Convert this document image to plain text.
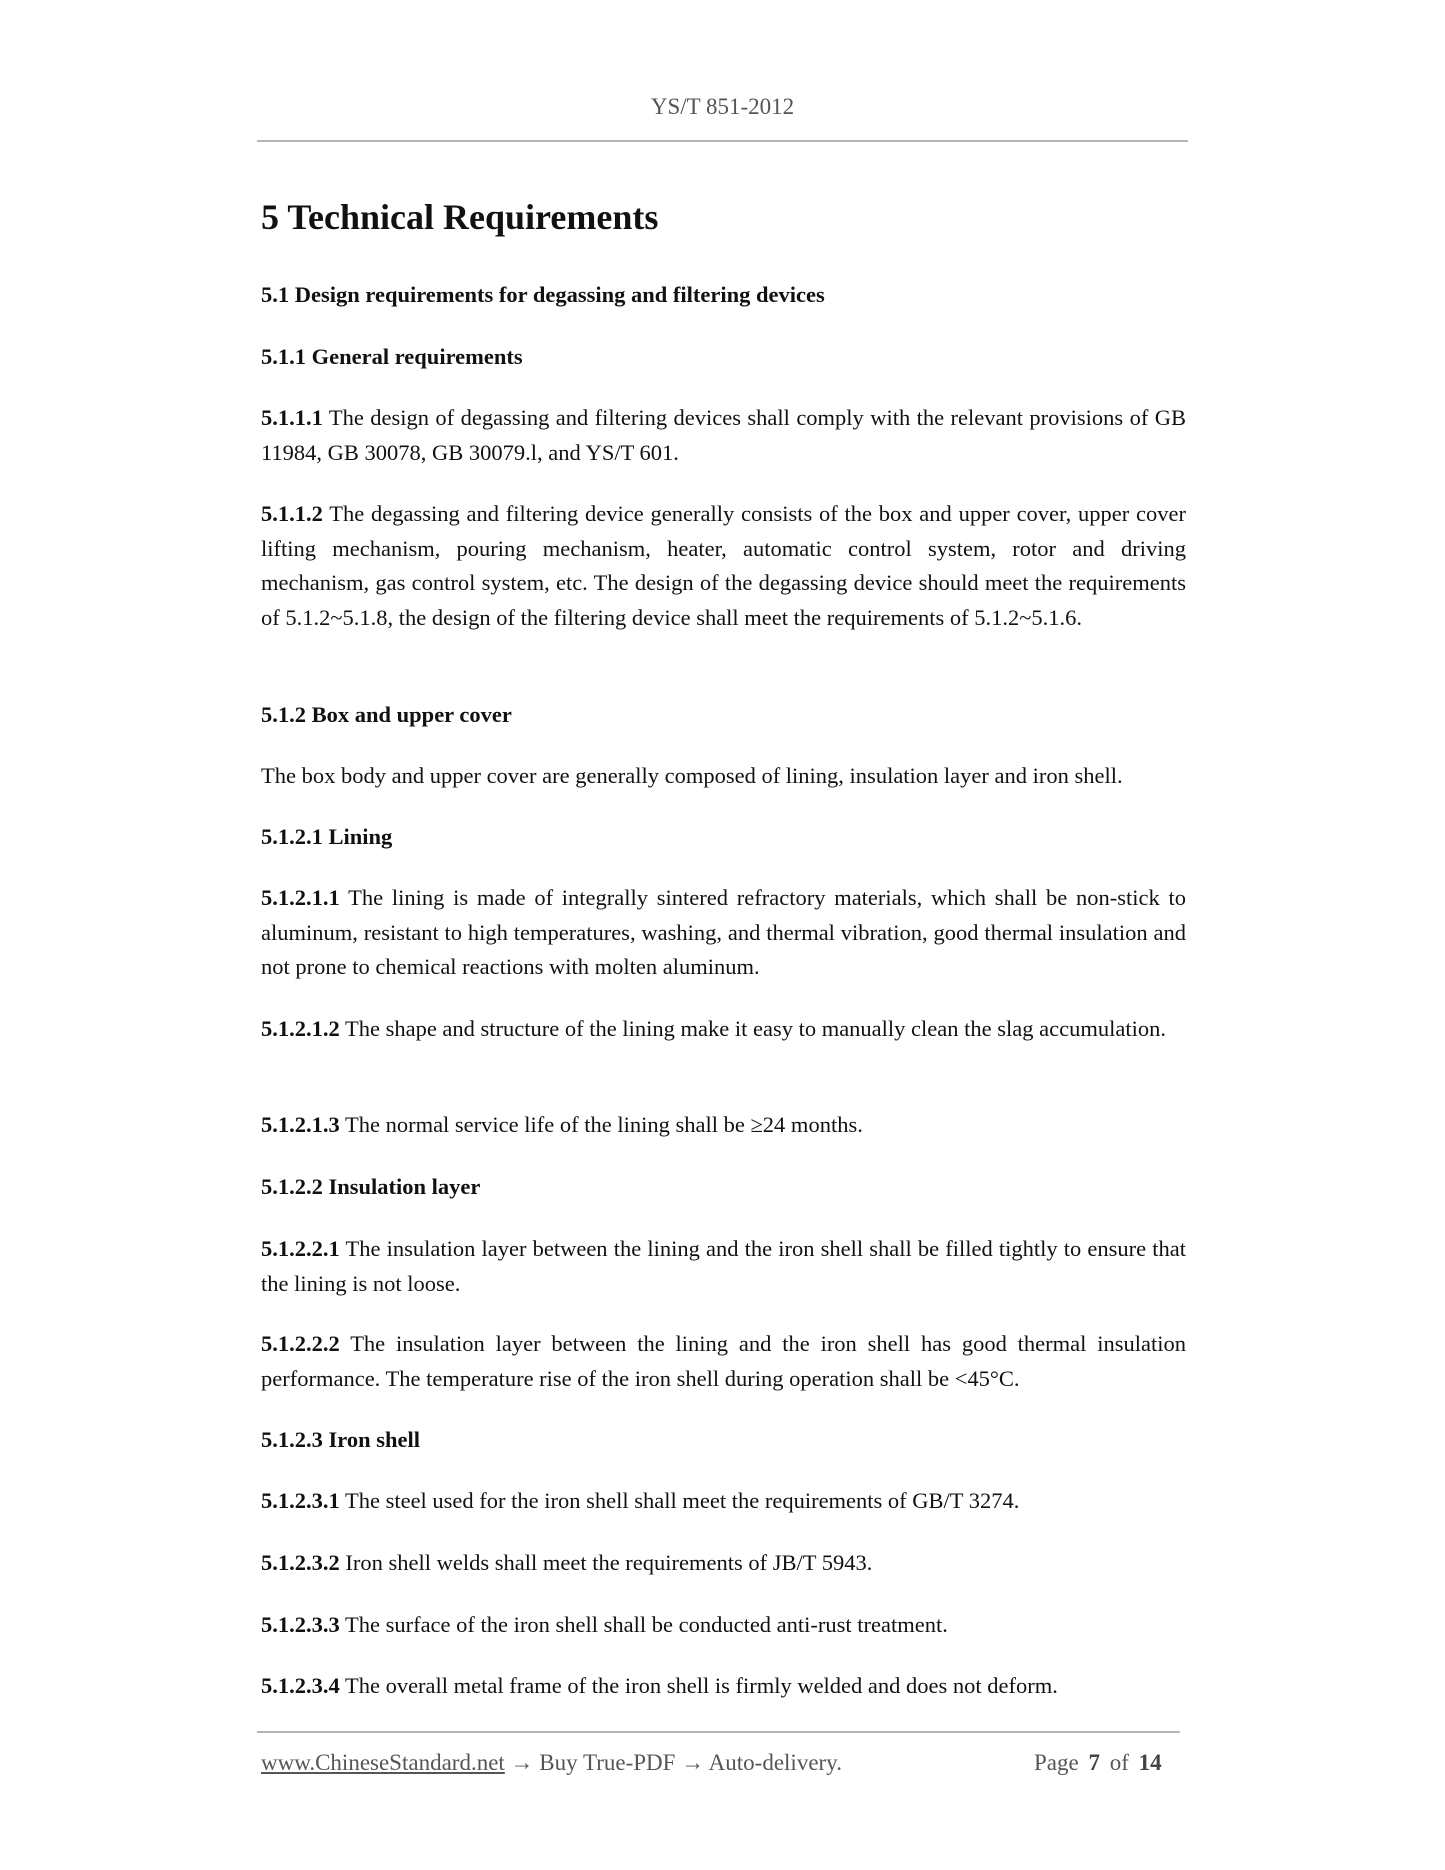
YS/T 851-2012
5 Technical Requirements
5.1 Design requirements for degassing and filtering devices
5.1.1 General requirements
5.1.1.1 The design of degassing and filtering devices shall comply with the relevant provisions of GB 11984, GB 30078, GB 30079.l, and YS/T 601.
5.1.1.2 The degassing and filtering device generally consists of the box and upper cover, upper cover lifting mechanism, pouring mechanism, heater, automatic control system, rotor and driving mechanism, gas control system, etc. The design of the degassing device should meet the requirements of 5.1.2~5.1.8, the design of the filtering device shall meet the requirements of 5.1.2~5.1.6.
5.1.2 Box and upper cover
The box body and upper cover are generally composed of lining, insulation layer and iron shell.
5.1.2.1 Lining
5.1.2.1.1 The lining is made of integrally sintered refractory materials, which shall be non-stick to aluminum, resistant to high temperatures, washing, and thermal vibration, good thermal insulation and not prone to chemical reactions with molten aluminum.
5.1.2.1.2 The shape and structure of the lining make it easy to manually clean the slag accumulation.
5.1.2.1.3 The normal service life of the lining shall be ≥24 months.
5.1.2.2 Insulation layer
5.1.2.2.1 The insulation layer between the lining and the iron shell shall be filled tightly to ensure that the lining is not loose.
5.1.2.2.2 The insulation layer between the lining and the iron shell has good thermal insulation performance. The temperature rise of the iron shell during operation shall be <45°C.
5.1.2.3 Iron shell
5.1.2.3.1 The steel used for the iron shell shall meet the requirements of GB/T 3274.
5.1.2.3.2 Iron shell welds shall meet the requirements of JB/T 5943.
5.1.2.3.3 The surface of the iron shell shall be conducted anti-rust treatment.
5.1.2.3.4 The overall metal frame of the iron shell is firmly welded and does not deform.
www.ChineseStandard.net → Buy True-PDF → Auto-delivery.	Page 7 of 14
